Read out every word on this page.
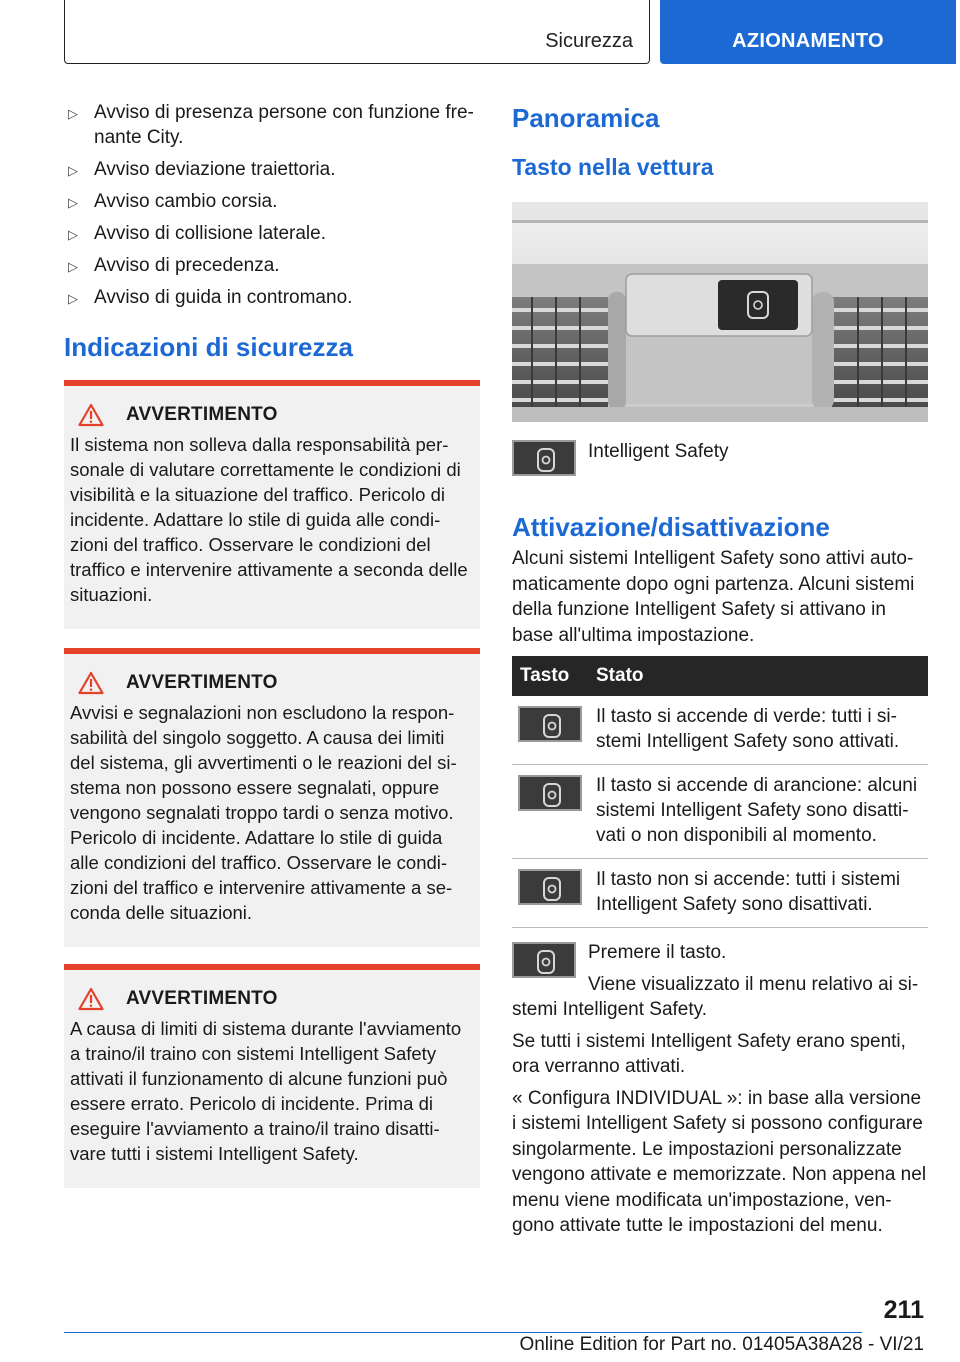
Sicurezza	AZIONAMENTO
▷ Avviso di presenza persone con funzione fre-
nante City.
▷ Avviso deviazione traiettoria.
▷ Avviso cambio corsia.
▷ Avviso di collisione laterale.
▷ Avviso di precedenza.
▷ Avviso di guida in contromano.
Indicazioni di sicurezza
AVVERTIMENTO

Il sistema non solleva dalla responsabilità per-sonale di valutare correttamente le condizioni di visibilità e la situazione del traffico. Pericolo di incidente. Adattare lo stile di guida alle condi-zioni del traffico. Osservare le condizioni del traffico e intervenire attivamente a seconda delle situazioni.

AVVERTIMENTO

Avvisi e segnalazioni non escludono la respon-sabilità del singolo soggetto. A causa dei limiti del sistema, gli avvertimenti o le reazioni del si-stema non possono essere segnalati, oppure vengono segnalati troppo tardi o senza motivo. Pericolo di incidente. Adattare lo stile di guida alle condizioni del traffico. Osservare le condi-zioni del traffico e intervenire attivamente a se-conda delle situazioni.

AVVERTIMENTO

A causa di limiti di sistema durante l'avviamento a traino/il traino con sistemi Intelligent Safety attivati il funzionamento di alcune funzioni può essere errato. Pericolo di incidente. Prima di eseguire l'avviamento a traino/il traino disatti-vare tutti i sistemi Intelligent Safety.

Panoramica
Tasto nella vettura
Intelligent Safety
Attivazione/disattivazione

Alcuni sistemi Intelligent Safety sono attivi auto-maticamente dopo ogni partenza. Alcuni sistemi della funzione Intelligent Safety si attivano in base all'ultima impostazione.

Tasto	Stato

	Il tasto si accende di verde: tutti i si-stemi Intelligent Safety sono attivati.

	Il tasto si accende di arancione: alcuni sistemi Intelligent Safety sono disatti-vati o non disponibili al momento.

	Il tasto non si accende: tutti i sistemi Intelligent Safety sono disattivati.

Premere il tasto.

Viene visualizzato il menu relativo ai si-stemi Intelligent Safety.

Se tutti i sistemi Intelligent Safety erano spenti, ora verranno attivati.

« Configura INDIVIDUAL »: in base alla versione i sistemi Intelligent Safety si possono configurare singolarmente. Le impostazioni personalizzate vengono attivate e memorizzate. Non appena nel menu viene modificata un'impostazione, ven-gono attivate tutte le impostazioni del menu.

211
Online Edition for Part no. 01405A38A28 - VI/21
